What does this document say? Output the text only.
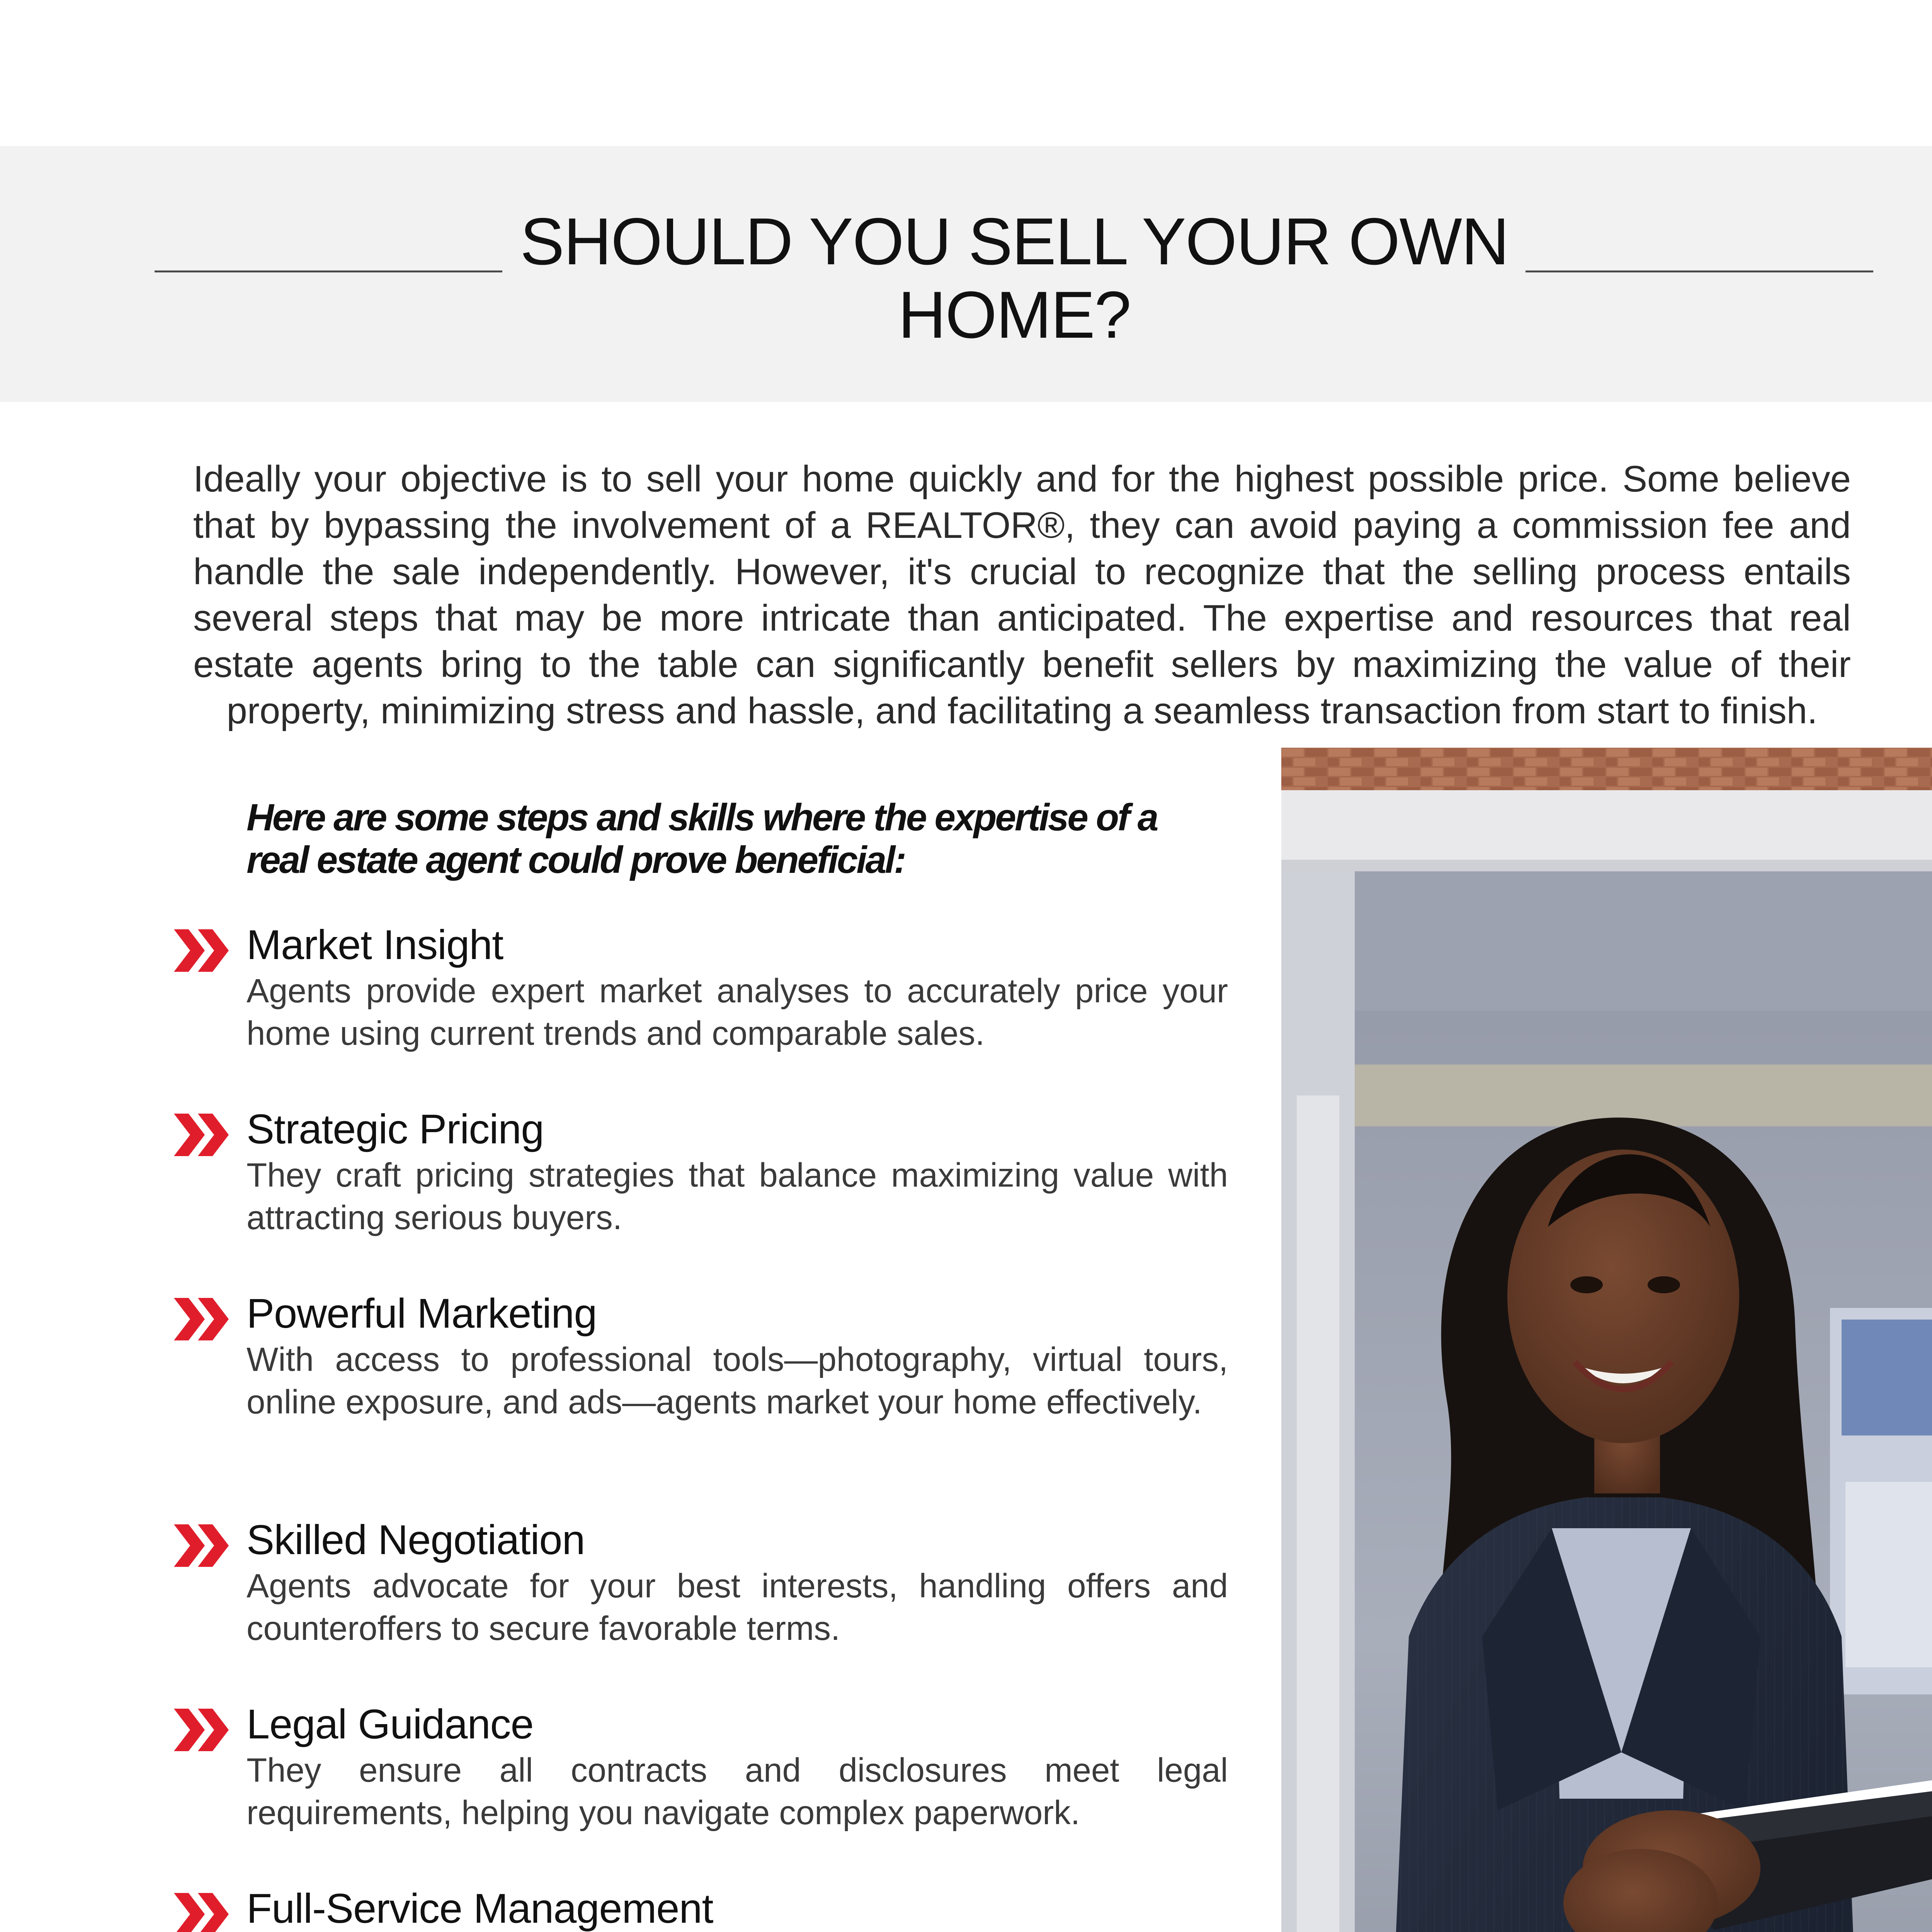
SHOULD YOU SELL YOUR OWN HOME?

Ideally your objective is to sell your home quickly and for the highest possible price. Some believe that by bypassing the involvement of a REALTOR®, they can avoid paying a commission fee and handle the sale independently. However, it's crucial to recognize that the selling process entails several steps that may be more intricate than anticipated. The expertise and resources that real estate agents bring to the table can significantly benefit sellers by maximizing the value of their property, minimizing stress and hassle, and facilitating a seamless transaction from start to finish.

Here are some steps and skills where the expertise of a real estate agent could prove beneficial:

Market Insight

Agents provide expert market analyses to accurately price your home using current trends and comparable sales.

Strategic Pricing

They craft pricing strategies that balance maximizing value with attracting serious buyers.

Powerful Marketing

With access to professional tools—photography, virtual tours, online exposure, and ads—agents market your home effectively.

Skilled Negotiation

Agents advocate for your best interests, handling offers and counteroffers to secure favorable terms.

Legal Guidance

They ensure all contracts and disclosures meet legal requirements, helping you navigate complex paperwork.

Full-Service Management
